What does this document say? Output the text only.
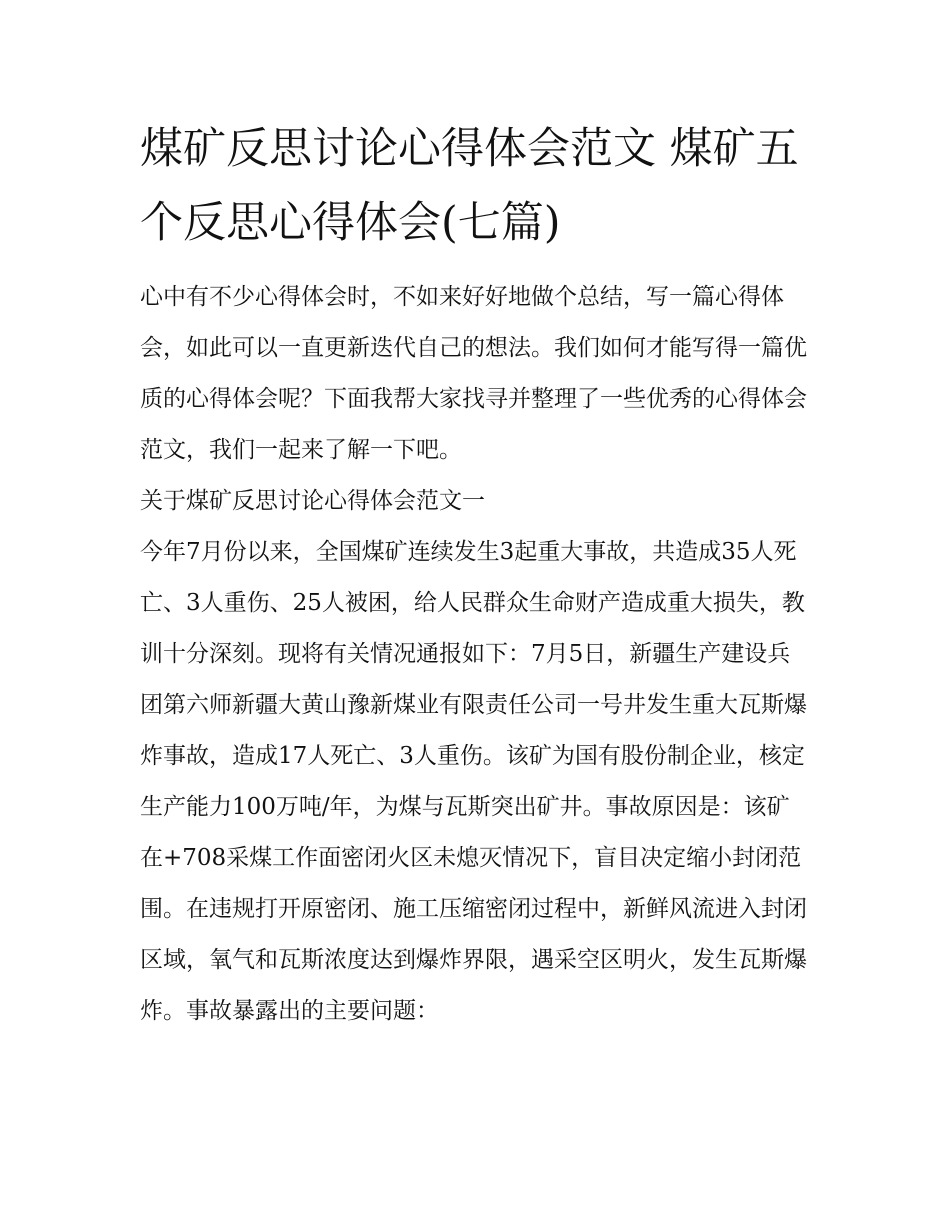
煤矿反思讨论心得体会范文 煤矿五个反思心得体会(七篇)

心中有不少心得体会时，不如来好好地做个总结，写一篇心得体会，如此可以一直更新迭代自己的想法。我们如何才能写得一篇优质的心得体会呢？下面我帮大家找寻并整理了一些优秀的心得体会范文，我们一起来了解一下吧。

关于煤矿反思讨论心得体会范文一

今年7月份以来，全国煤矿连续发生3起重大事故，共造成35人死亡、3人重伤、25人被困，给人民群众生命财产造成重大损失，教训十分深刻。现将有关情况通报如下：7月5日，新疆生产建设兵团第六师新疆大黄山豫新煤业有限责任公司一号井发生重大瓦斯爆炸事故，造成17人死亡、3人重伤。该矿为国有股份制企业，核定生产能力100万吨/年，为煤与瓦斯突出矿井。事故原因是：该矿在+708采煤工作面密闭火区未熄灭情况下，盲目决定缩小封闭范围。在违规打开原密闭、施工压缩密闭过程中，新鲜风流进入封闭区域，氧气和瓦斯浓度达到爆炸界限，遇采空区明火，发生瓦斯爆炸。事故暴露出的主要问题：
